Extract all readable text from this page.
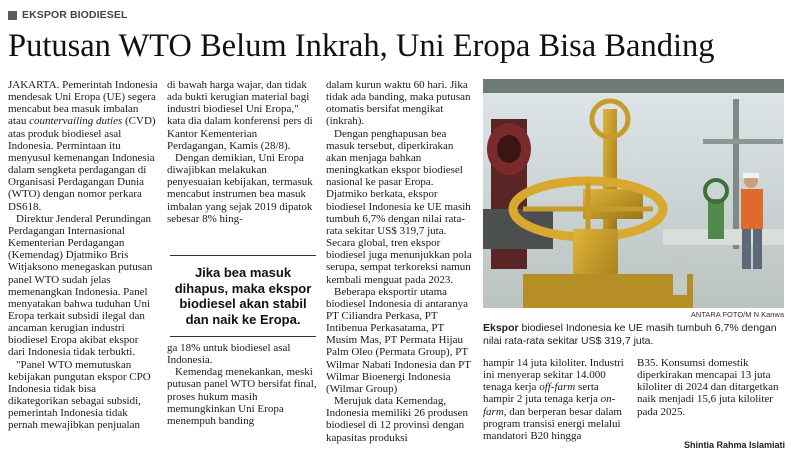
EKSPOR BIODIESEL
Putusan WTO Belum Inkrah, Uni Eropa Bisa Banding

JAKARTA. Pemerintah Indonesia mendesak Uni Eropa (UE) segera mencabut bea masuk imbalan atau countervailing duties (CVD) atas produk biodiesel asal Indonesia. Permintaan itu menyusul kemenangan Indonesia dalam sengketa perdagangan di Organisasi Perdagangan Dunia (WTO) dengan nomor perkara DS618.

Direktur Jenderal Perundingan Perdagangan Internasional Kementerian Perdagangan (Kemendag) Djatmiko Bris Witjaksono menegaskan putusan panel WTO sudah jelas memenangkan Indonesia. Panel menyatakan bahwa tuduhan Uni Eropa terkait subsidi ilegal dan ancaman kerugian industri biodiesel Eropa akibat ekspor dari Indonesia tidak terbukti.

"Panel WTO memutuskan kebijakan pungutan ekspor CPO Indonesia tidak bisa dikategorikan sebagai subsidi, pemerintah Indonesia tidak pernah mewajibkan penjualan

di bawah harga wajar, dan tidak ada bukti kerugian material bagi industri biodiesel Uni Eropa," kata dia dalam konferensi pers di Kantor Kementerian Perdagangan, Kamis (28/8).

Dengan demikian, Uni Eropa diwajibkan melakukan penyesuaian kebijakan, termasuk mencabut instrumen bea masuk imbalan yang sejak 2019 dipatok sebesar 8% hing-

Jika bea masuk dihapus, maka ekspor biodiesel akan stabil dan naik ke Eropa.

ga 18% untuk biodiesel asal Indonesia.

Kemendag menekankan, meski putusan panel WTO bersifat final, proses hukum masih memungkinkan Uni Eropa menempuh banding

dalam kurun waktu 60 hari. Jika tidak ada banding, maka putusan otomatis bersifat mengikat (inkrah).

Dengan penghapusan bea masuk tersebut, diperkirakan akan menjaga bahkan meningkatkan ekspor biodiesel nasional ke pasar Eropa. Djatmiko berkata, ekspor biodiesel Indonesia ke UE masih tumbuh 6,7% dengan nilai rata-rata sekitar US$ 319,7 juta. Secara global, tren ekspor biodiesel juga menunjukkan pola serupa, sempat terkoreksi namun kembali menguat pada 2023.

Beberapa eksportir utama biodiesel Indonesia di antaranya PT Ciliandra Perkasa, PT Intibenua Perkasatama, PT Musim Mas, PT Permata Hijau Palm Oleo (Permata Group), PT Wilmar Nabati Indonesia dan PT Wilmar Bioenergi Indonesia (Wilmar Group)

Merujuk data Kemendag, Indonesia memiliki 26 produsen biodiesel di 12 provinsi dengan kapasitas produksi

ANTARA FOTO/M N Kanwa
Ekspor biodiesel Indonesia ke UE masih tumbuh 6,7% dengan nilai rata-rata sekitar US$ 319,7 juta.

hampir 14 juta kiloliter. Industri ini menyerap sekitar 14.000 tenaga kerja off-farm serta hampir 2 juta tenaga kerja on-farm, dan berperan besar dalam program transisi energi melalui mandatori B20 hingga

B35. Konsumsi domestik diperkirakan mencapai 13 juta kiloliter di 2024 dan ditargetkan naik menjadi 15,6 juta kiloliter pada 2025.

Shintia Rahma Islamiati
